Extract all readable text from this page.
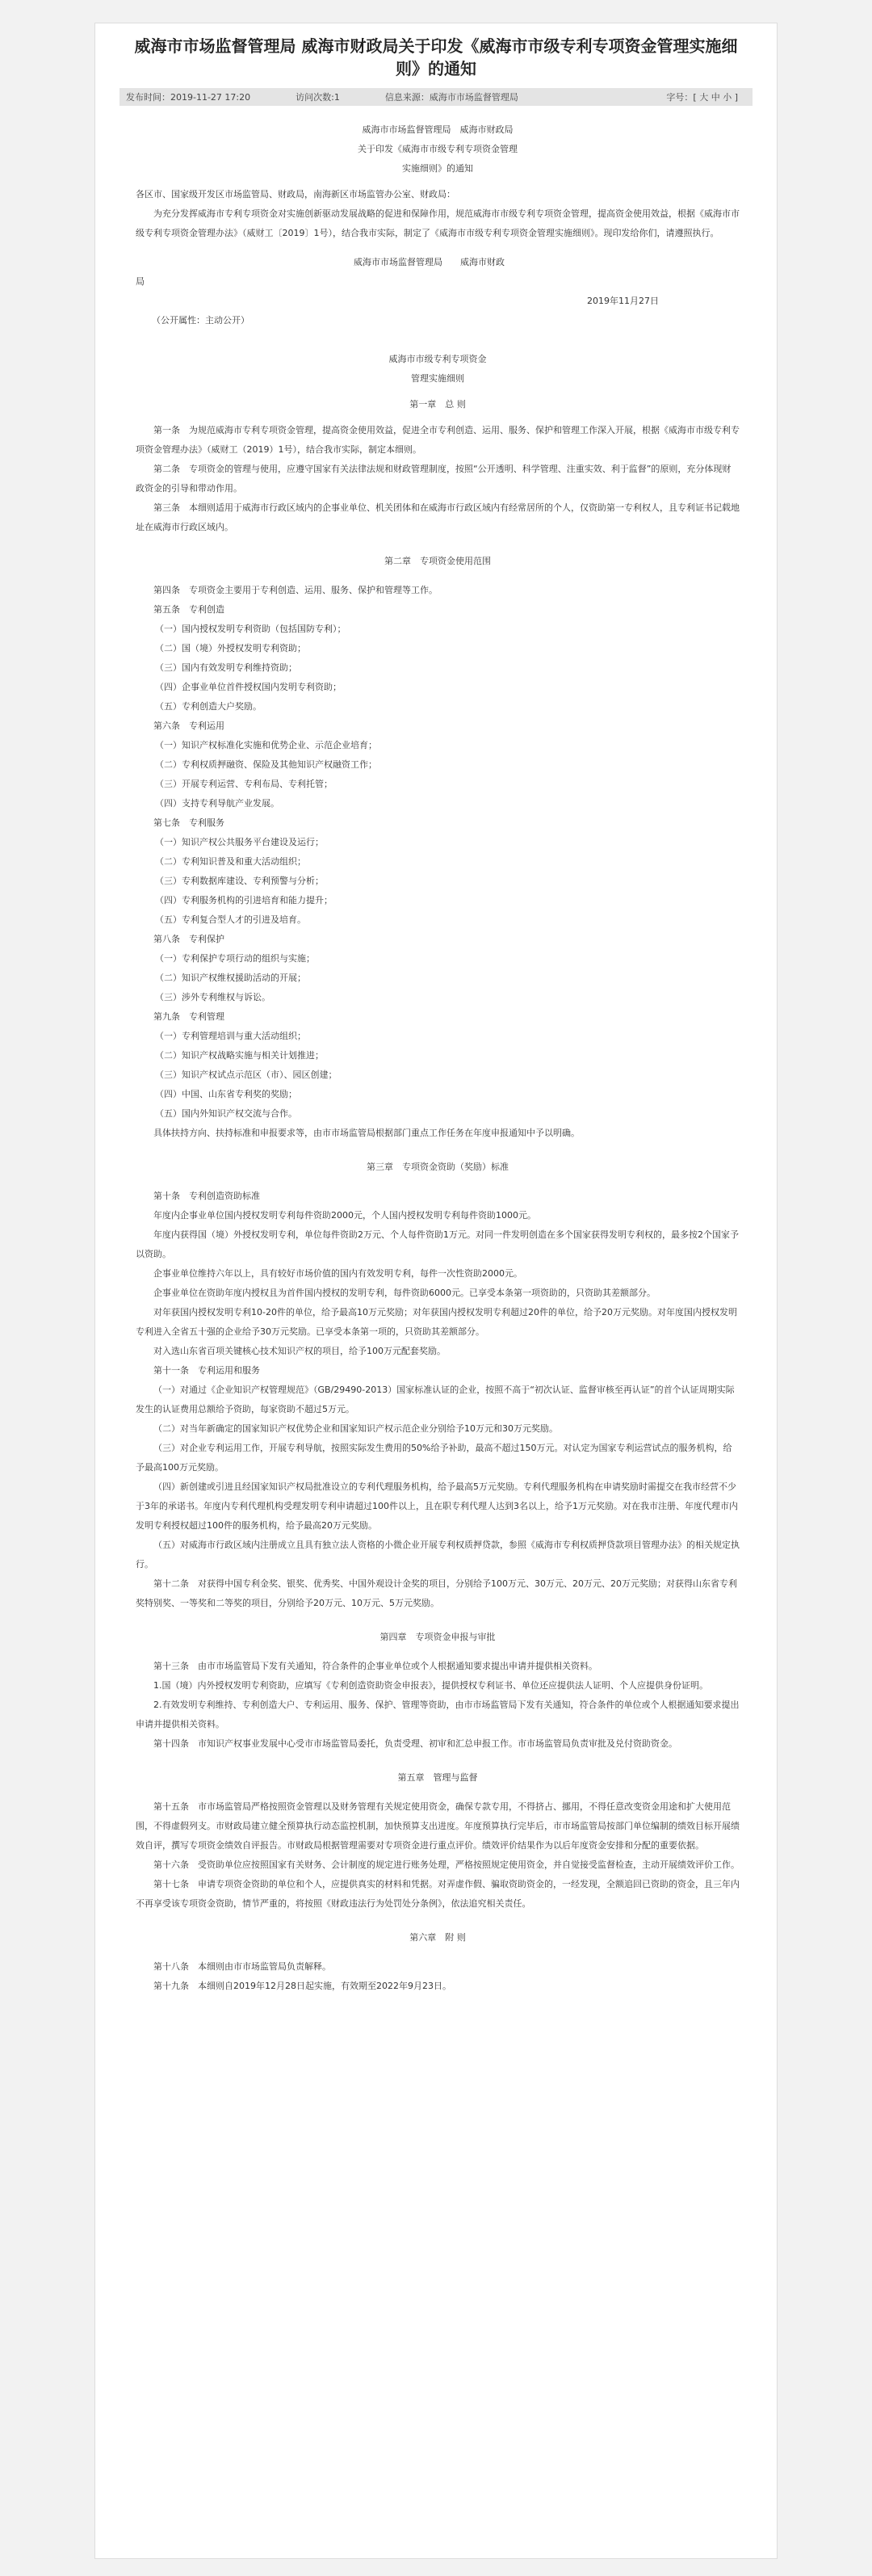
威海市市场监督管理局 威海市财政局关于印发《威海市市级专利专项资金管理实施细则》的通知
发布时间：2019-11-27 17:20	访问次数:1	信息来源：威海市市场监督管理局	字号：[ 大 中 小 ]

威海市市场监督管理局　威海市财政局

关于印发《威海市市级专利专项资金管理

实施细则》的通知

各区市、国家级开发区市场监管局、财政局，南海新区市场监管办公室、财政局：

为充分发挥威海市专利专项资金对实施创新驱动发展战略的促进和保障作用，规范威海市市级专利专项资金管理，提高资金使用效益，根据《威海市市级专利专项资金管理办法》（威财工〔2019〕1号），结合我市实际，制定了《威海市市级专利专项资金管理实施细则》。现印发给你们，请遵照执行。

威海市市场监督管理局　　威海市财政

局

2019年11月27日

（公开属性：主动公开）

威海市市级专利专项资金

管理实施细则

第一章　总 则

第一条　为规范威海市专利专项资金管理，提高资金使用效益，促进全市专利创造、运用、服务、保护和管理工作深入开展，根据《威海市市级专利专项资金管理办法》（威财工（2019）1号），结合我市实际，制定本细则。

第二条　专项资金的管理与使用，应遵守国家有关法律法规和财政管理制度，按照“公开透明、科学管理、注重实效、利于监督”的原则，充分体现财政资金的引导和带动作用。

第三条　本细则适用于威海市行政区域内的企事业单位、机关团体和在威海市行政区域内有经常居所的个人，仅资助第一专利权人，且专利证书记载地址在威海市行政区域内。

第二章　专项资金使用范围

第四条　专项资金主要用于专利创造、运用、服务、保护和管理等工作。

第五条　专利创造

（一）国内授权发明专利资助（包括国防专利）；

（二）国（境）外授权发明专利资助；

（三）国内有效发明专利维持资助；

（四）企事业单位首件授权国内发明专利资助；

（五）专利创造大户奖励。

第六条　专利运用

（一）知识产权标准化实施和优势企业、示范企业培育；

（二）专利权质押融资、保险及其他知识产权融资工作；

（三）开展专利运营、专利布局、专利托管；

（四）支持专利导航产业发展。

第七条　专利服务

（一）知识产权公共服务平台建设及运行；

（二）专利知识普及和重大活动组织；

（三）专利数据库建设、专利预警与分析；

（四）专利服务机构的引进培育和能力提升；

（五）专利复合型人才的引进及培育。

第八条　专利保护

（一）专利保护专项行动的组织与实施；

（二）知识产权维权援助活动的开展；

（三）涉外专利维权与诉讼。

第九条　专利管理

（一）专利管理培训与重大活动组织；

（二）知识产权战略实施与相关计划推进；

（三）知识产权试点示范区（市）、园区创建；

（四）中国、山东省专利奖的奖励；

（五）国内外知识产权交流与合作。

具体扶持方向、扶持标准和申报要求等，由市市场监管局根据部门重点工作任务在年度申报通知中予以明确。

第三章　专项资金资助（奖励）标准

第十条　专利创造资助标准

年度内企事业单位国内授权发明专利每件资助2000元，个人国内授权发明专利每件资助1000元。

年度内获得国（境）外授权发明专利，单位每件资助2万元、个人每件资助1万元。对同一件发明创造在多个国家获得发明专利权的，最多按2个国家予以资助。

企事业单位维持六年以上，具有较好市场价值的国内有效发明专利，每件一次性资助2000元。

企事业单位在资助年度内授权且为首件国内授权的发明专利，每件资助6000元。已享受本条第一项资助的，只资助其差额部分。

对年获国内授权发明专利10-20件的单位，给予最高10万元奖励；对年获国内授权发明专利超过20件的单位，给予20万元奖励。对年度国内授权发明专利进入全省五十强的企业给予30万元奖励。已享受本条第一项的，只资助其差额部分。

对入选山东省百项关键核心技术知识产权的项目，给予100万元配套奖励。

第十一条　专利运用和服务

（一）对通过《企业知识产权管理规范》（GB/29490-2013）国家标准认证的企业，按照不高于“初次认证、监督审核至再认证”的首个认证周期实际发生的认证费用总额给予资助，每家资助不超过5万元。

（二）对当年新确定的国家知识产权优势企业和国家知识产权示范企业分别给予10万元和30万元奖励。

（三）对企业专利运用工作，开展专利导航，按照实际发生费用的50%给予补助，最高不超过150万元。对认定为国家专利运营试点的服务机构，给予最高100万元奖励。

（四）新创建或引进且经国家知识产权局批准设立的专利代理服务机构，给予最高5万元奖励。专利代理服务机构在申请奖励时需提交在我市经营不少于3年的承诺书。年度内专利代理机构受理发明专利申请超过100件以上，且在职专利代理人达到3名以上，给予1万元奖励。对在我市注册、年度代理市内发明专利授权超过100件的服务机构，给予最高20万元奖励。

（五）对威海市行政区域内注册成立且具有独立法人资格的小微企业开展专利权质押贷款，参照《威海市专利权质押贷款项目管理办法》的相关规定执行。

第十二条　对获得中国专利金奖、银奖、优秀奖、中国外观设计金奖的项目，分别给予100万元、30万元、20万元、20万元奖励；对获得山东省专利奖特别奖、一等奖和二等奖的项目，分别给予20万元、10万元、5万元奖励。

第四章　专项资金申报与审批

第十三条　由市市场监管局下发有关通知，符合条件的企事业单位或个人根据通知要求提出申请并提供相关资料。

1.国（境）内外授权发明专利资助，应填写《专利创造资助资金申报表》，提供授权专利证书、单位还应提供法人证明、个人应提供身份证明。

2.有效发明专利维持、专利创造大户、专利运用、服务、保护、管理等资助，由市市场监管局下发有关通知，符合条件的单位或个人根据通知要求提出申请并提供相关资料。

第十四条　市知识产权事业发展中心受市市场监管局委托，负责受理、初审和汇总申报工作。市市场监管局负责审批及兑付资助资金。

第五章　管理与监督

第十五条　市市场监管局严格按照资金管理以及财务管理有关规定使用资金，确保专款专用，不得挤占、挪用，不得任意改变资金用途和扩大使用范围，不得虚假列支。市财政局建立健全预算执行动态监控机制，加快预算支出进度。年度预算执行完毕后，市市场监管局按部门单位编制的绩效目标开展绩效自评，撰写专项资金绩效自评报告。市财政局根据管理需要对专项资金进行重点评价。绩效评价结果作为以后年度资金安排和分配的重要依据。

第十六条　受资助单位应按照国家有关财务、会计制度的规定进行账务处理，严格按照规定使用资金，并自觉接受监督检查，主动开展绩效评价工作。

第十七条　申请专项资金资助的单位和个人，应提供真实的材料和凭据。对弄虚作假、骗取资助资金的，一经发现，全额追回已资助的资金，且三年内不再享受该专项资金资助，情节严重的，将按照《财政违法行为处罚处分条例》，依法追究相关责任。

第六章　附 则

第十八条　本细则由市市场监管局负责解释。

第十九条　本细则自2019年12月28日起实施，有效期至2022年9月23日。
